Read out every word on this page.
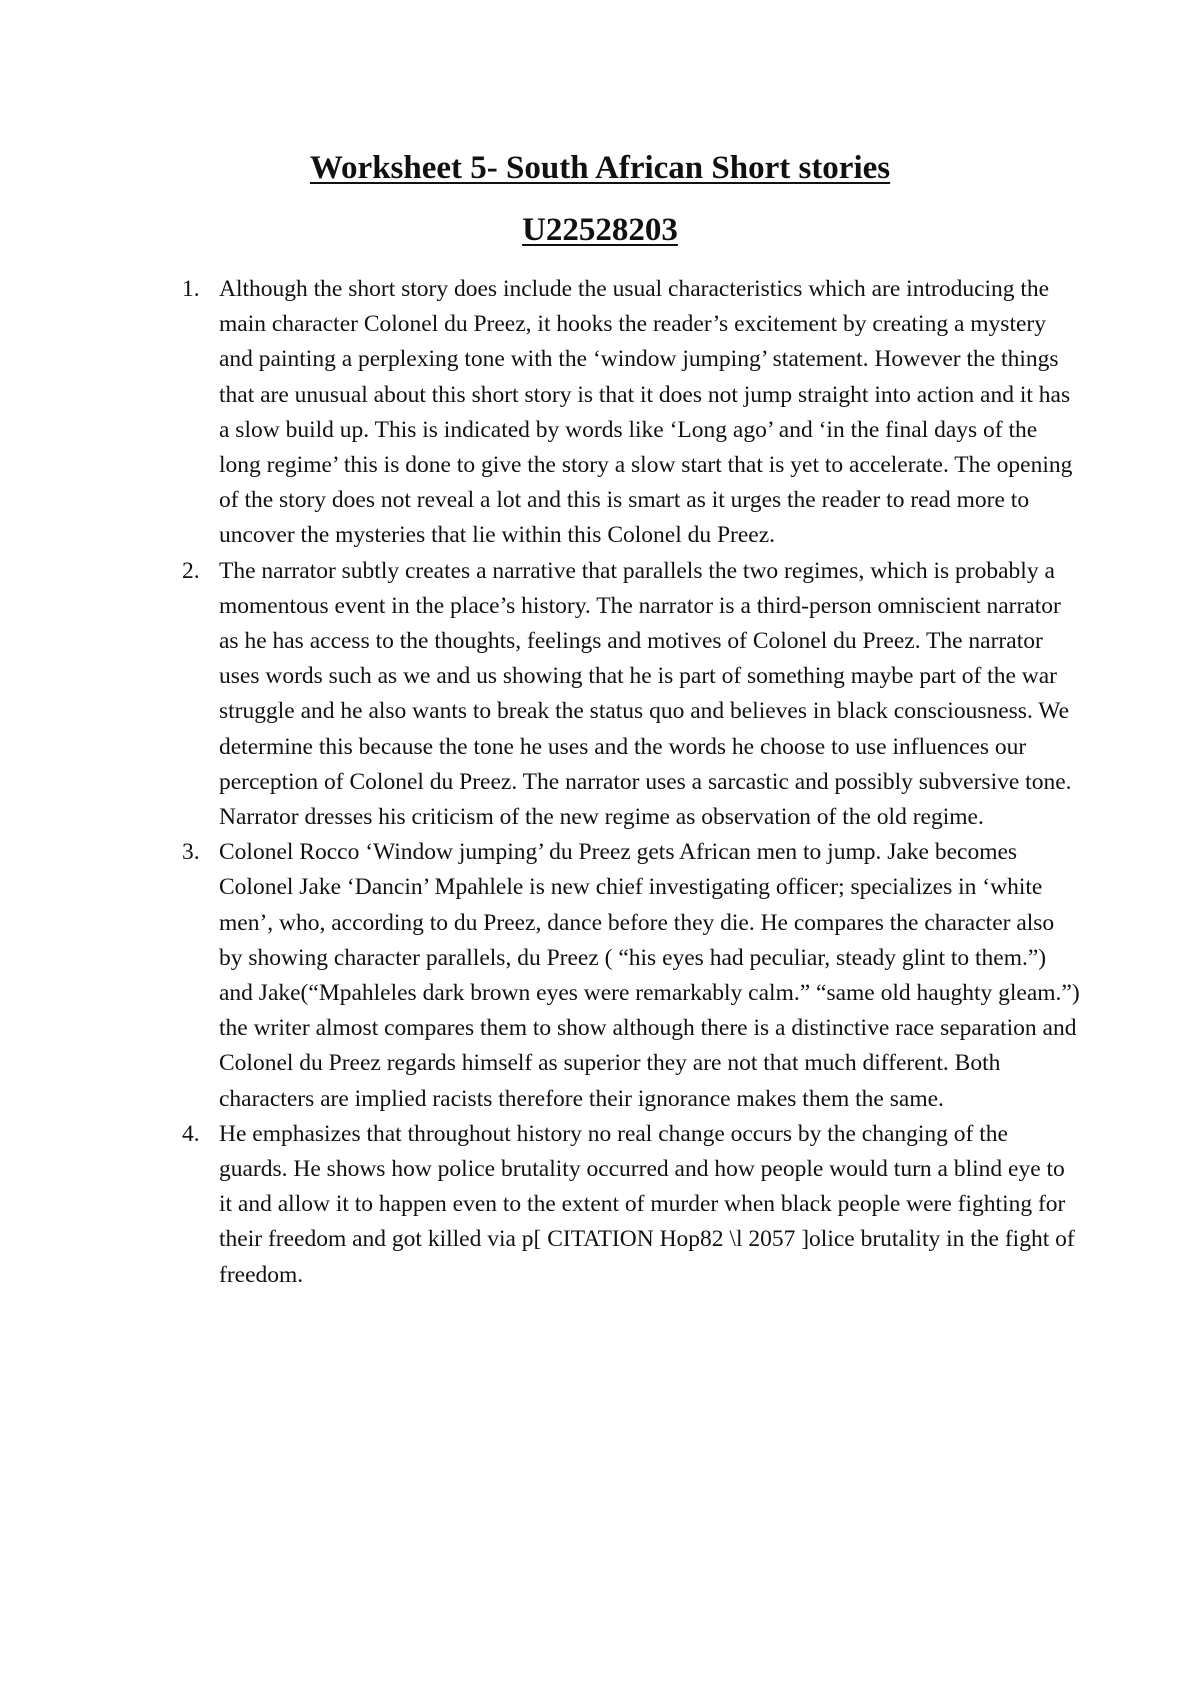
Worksheet 5- South African Short stories
U22528203
1. Although the short story does include the usual characteristics which are introducing the main character Colonel du Preez, it hooks the reader’s excitement by creating a mystery and painting a perplexing tone with the ‘window jumping’ statement. However the things that are unusual about this short story is that it does not jump straight into action and it has a slow build up. This is indicated by words like ‘Long ago’ and ‘in the final days of the long regime’ this is done to give the story a slow start that is yet to accelerate. The opening of the story does not reveal a lot and this is smart as it urges the reader to read more to uncover the mysteries that lie within this Colonel du Preez.
2. The narrator subtly creates a narrative that parallels the two regimes, which is probably a momentous event in the place’s history. The narrator is a third-person omniscient narrator as he has access to the thoughts, feelings and motives of Colonel du Preez. The narrator uses words such as we and us showing that he is part of something maybe part of the war struggle and he also wants to break the status quo and believes in black consciousness. We determine this because the tone he uses and the words he choose to use influences our perception of Colonel du Preez. The narrator uses a sarcastic and possibly subversive tone. Narrator dresses his criticism of the new regime as observation of the old regime.
3. Colonel Rocco ‘Window jumping’ du Preez gets African men to jump. Jake becomes Colonel Jake ‘Dancin’ Mpahlele is new chief investigating officer; specializes in ‘white men’, who, according to du Preez, dance before they die. He compares the character also by showing character parallels, du Preez ( “his eyes had peculiar, steady glint to them.”) and Jake(“Mpahleles dark brown eyes were remarkably calm.” “same old haughty gleam.”) the writer almost compares them to show although there is a distinctive race separation and Colonel du Preez regards himself as superior they are not that much different. Both characters are implied racists therefore their ignorance makes them the same.
4. He emphasizes that throughout history no real change occurs by the changing of the guards. He shows how police brutality occurred and how people would turn a blind eye to it and allow it to happen even to the extent of murder when black people were fighting for their freedom and got killed via p[ CITATION Hop82 \l 2057 ]olice brutality in the fight of freedom.
